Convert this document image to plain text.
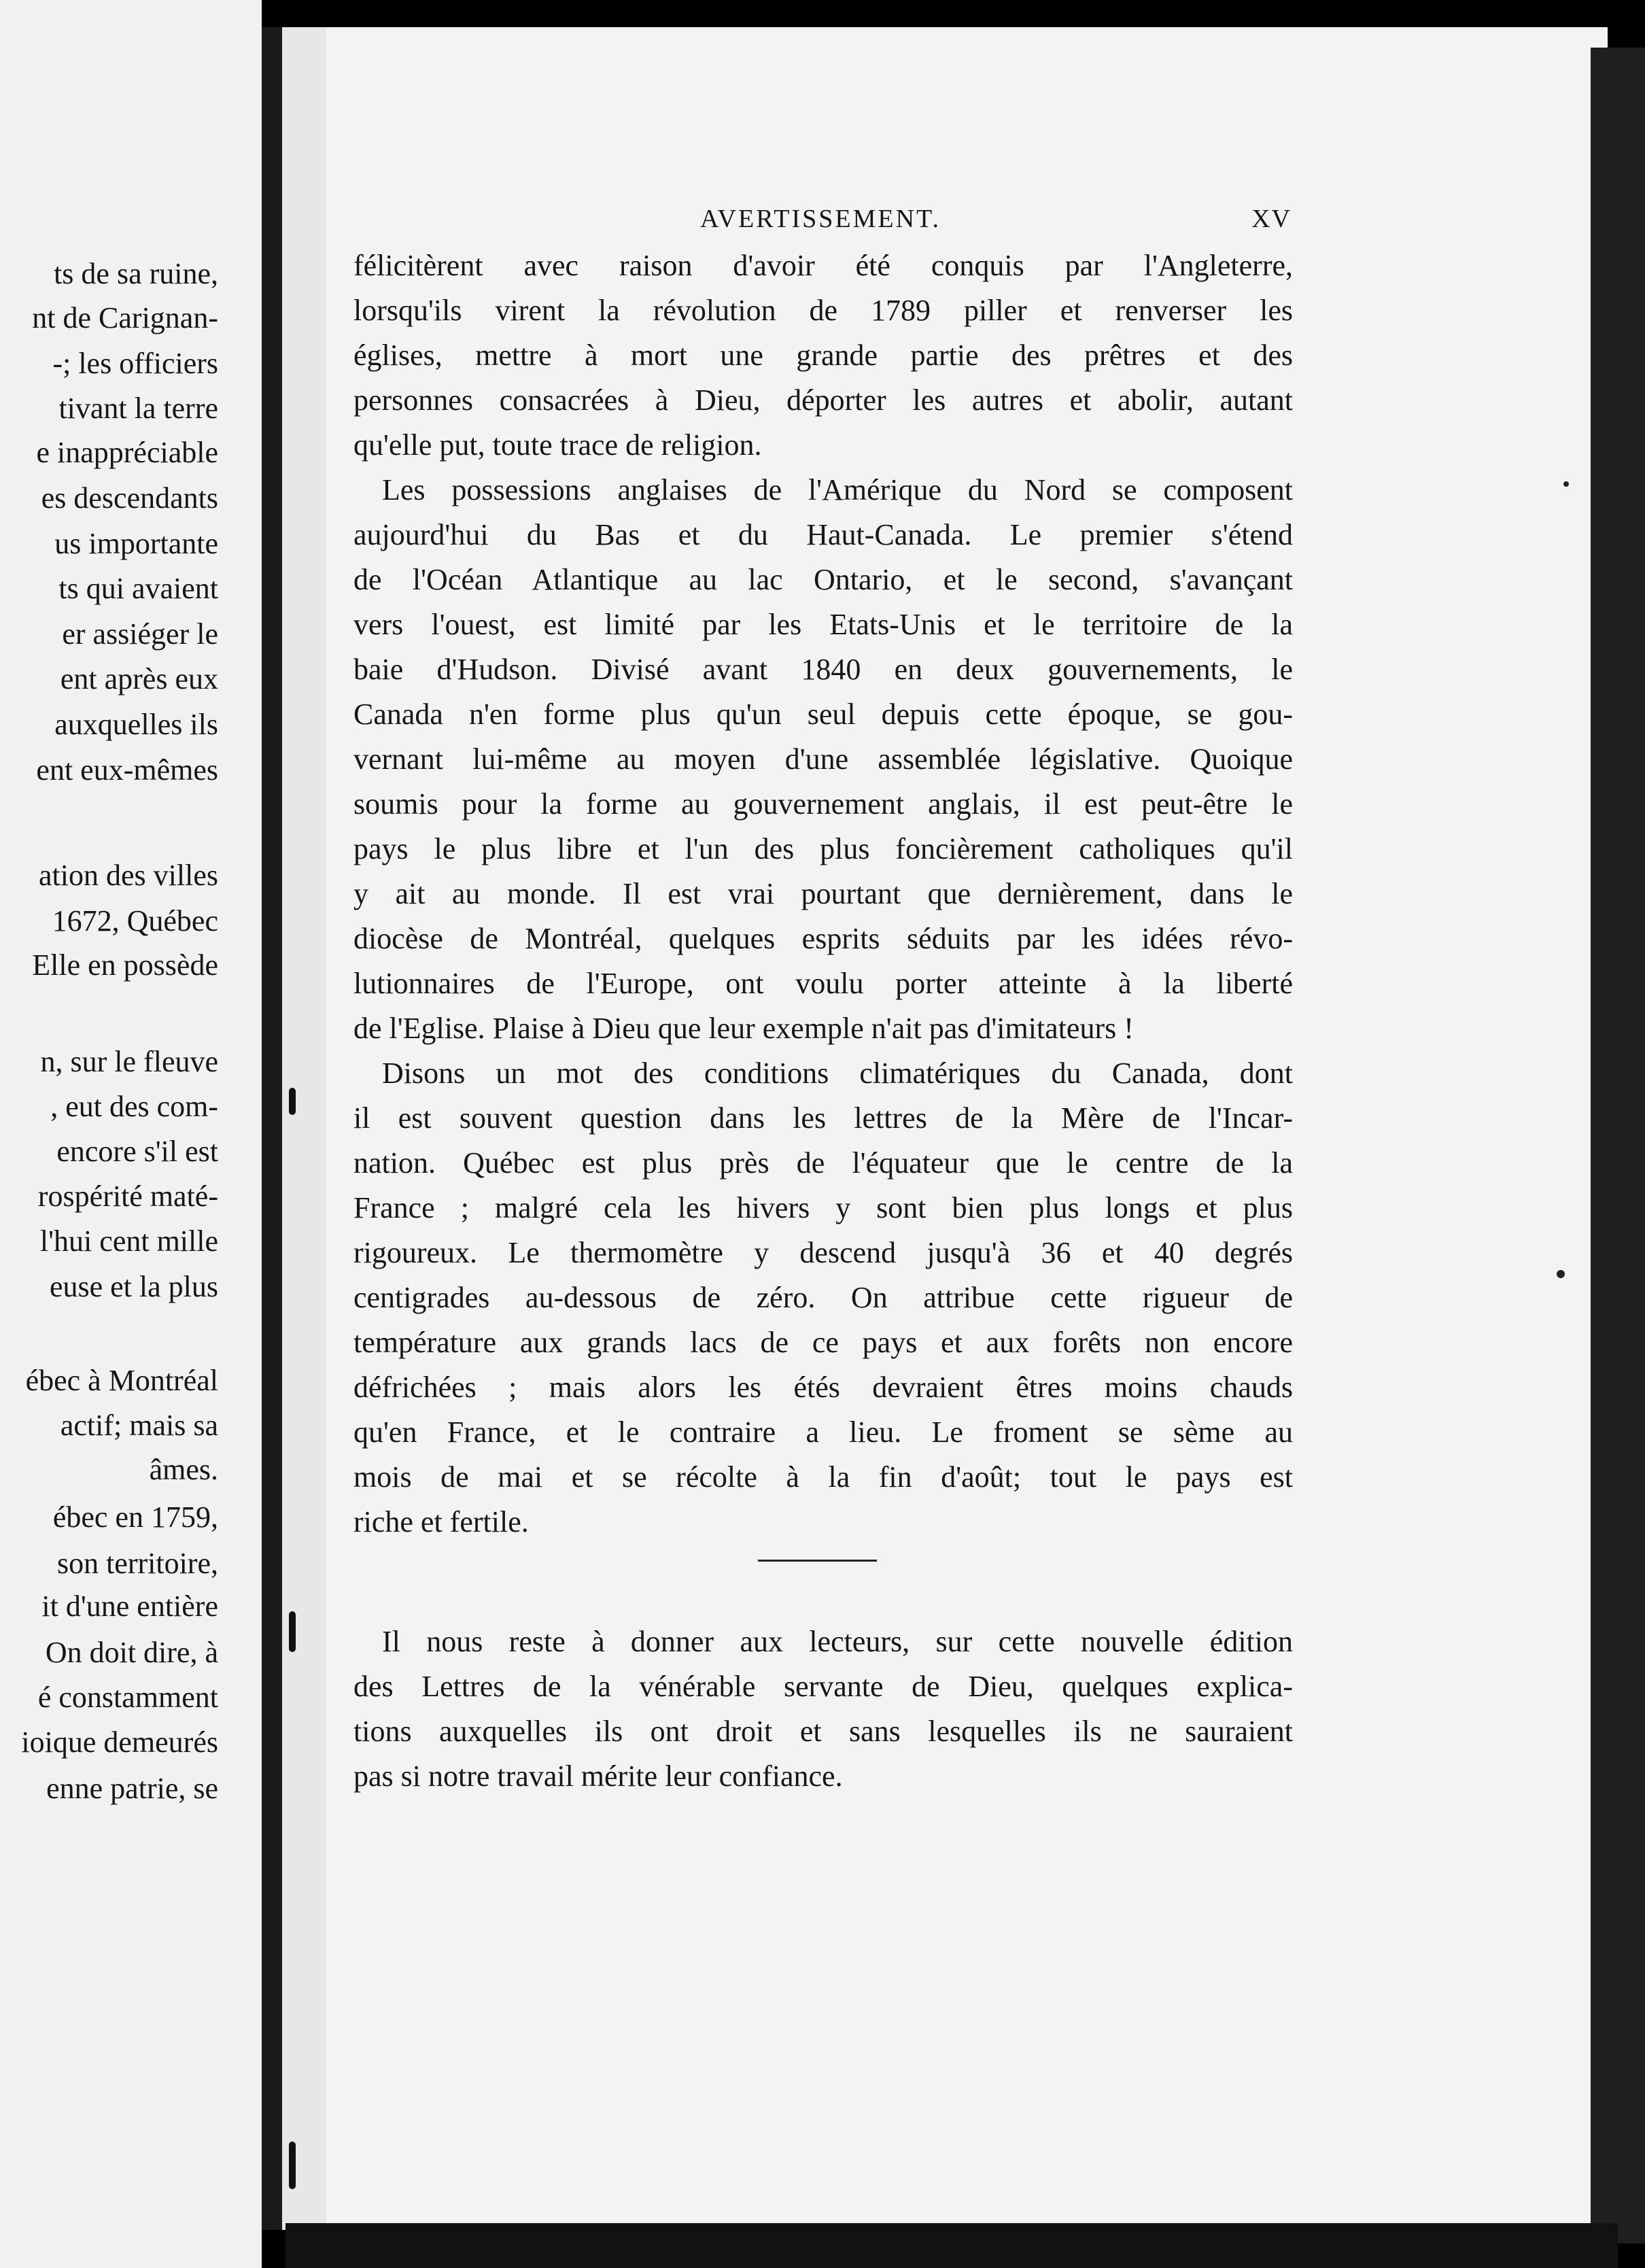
ts de sa ruine,
nt de Carignan-
-; les officiers
tivant la terre
e inappréciable
es descendants
us importante
ts qui avaient
er assiéger le
ent après eux
auxquelles ils
ent eux-mêmes
ation des villes
1672, Québec
Elle en possède
n, sur le fleuve
, eut des com-
encore s'il est
rospérité maté-
l'hui cent mille
euse et la plus
ébec à Montréal
actif; mais sa
âmes.
ébec en 1759,
son territoire,
it d'une entière
On doit dire, à
é constamment
ioique demeurés
enne patrie, se
AVERTISSEMENT.	XV
félicitèrent avec raison d'avoir été conquis par l'Angleterre,
lorsqu'ils virent la révolution de 1789 piller et renverser les
églises, mettre à mort une grande partie des prêtres et des
personnes consacrées à Dieu, déporter les autres et abolir, autant
qu'elle put, toute trace de religion.
Les possessions anglaises de l'Amérique du Nord se composent
aujourd'hui du Bas et du Haut-Canada. Le premier s'étend
de l'Océan Atlantique au lac Ontario, et le second, s'avançant
vers l'ouest, est limité par les Etats-Unis et le territoire de la
baie d'Hudson. Divisé avant 1840 en deux gouvernements, le
Canada n'en forme plus qu'un seul depuis cette époque, se gou-
vernant lui-même au moyen d'une assemblée législative. Quoique
soumis pour la forme au gouvernement anglais, il est peut-être le
pays le plus libre et l'un des plus foncièrement catholiques qu'il
y ait au monde. Il est vrai pourtant que dernièrement, dans le
diocèse de Montréal, quelques esprits séduits par les idées révo-
lutionnaires de l'Europe, ont voulu porter atteinte à la liberté
de l'Eglise. Plaise à Dieu que leur exemple n'ait pas d'imitateurs !
Disons un mot des conditions climatériques du Canada, dont
il est souvent question dans les lettres de la Mère de l'Incar-
nation. Québec est plus près de l'équateur que le centre de la
France ; malgré cela les hivers y sont bien plus longs et plus
rigoureux. Le thermomètre y descend jusqu'à 36 et 40 degrés
centigrades au-dessous de zéro. On attribue cette rigueur de
température aux grands lacs de ce pays et aux forêts non encore
défrichées ; mais alors les étés devraient êtres moins chauds
qu'en France, et le contraire a lieu. Le froment se sème au
mois de mai et se récolte à la fin d'août; tout le pays est
riche et fertile.
Il nous reste à donner aux lecteurs, sur cette nouvelle édition
des Lettres de la vénérable servante de Dieu, quelques explica-
tions auxquelles ils ont droit et sans lesquelles ils ne sauraient
pas si notre travail mérite leur confiance.
